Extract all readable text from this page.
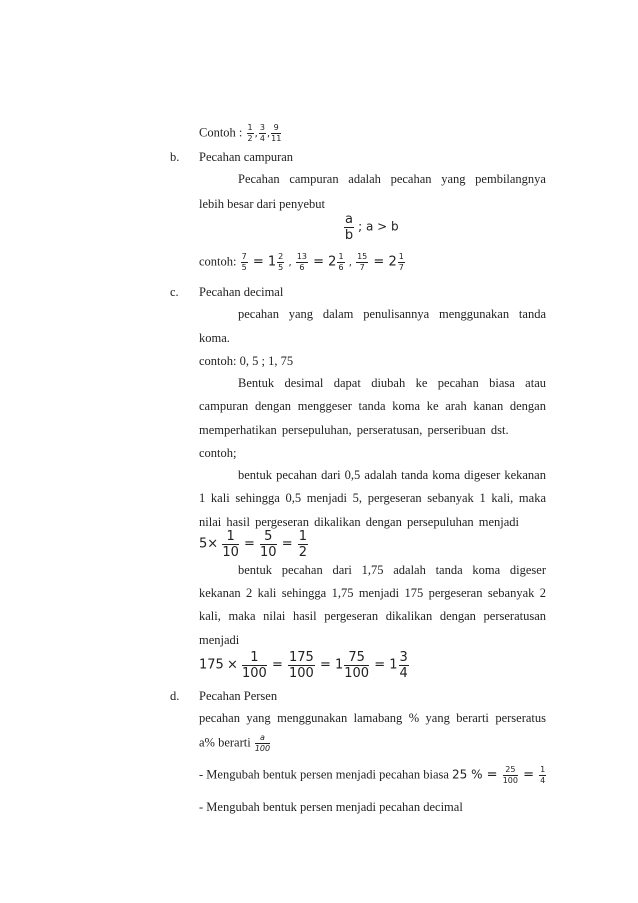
Contoh : $\frac{1}{2}$ , $\frac{3}{4}$ , $\frac{9}{11}$
b. Pecahan campuran
Pecahan campuran adalah pecahan yang pembilangnya
lebih besar dari penyebut
$\frac{a}{b}$ ; a > b
contoh: $\frac{7}{5} = 1 \frac{2}{5}$ , $\frac{13}{6} = 2 \frac{1}{6}$ , $\frac{15}{7} = 2 \frac{1}{7}$
c. Pecahan decimal
pecahan yang dalam penulisannya menggunakan tanda
koma.
contoh: 0, 5 ; 1, 75
Bentuk desimal dapat diubah ke pecahan biasa atau
campuran dengan menggeser tanda koma ke arah kanan dengan
memperhatikan persepuluhan, perseratusan, perseribuan dst.
contoh;
bentuk pecahan dari 0,5 adalah tanda koma digeser kekanan
1 kali sehingga 0,5 menjadi 5, pergeseran sebanyak 1 kali, maka
nilai hasil pergeseran dikalikan dengan persepuluhan menjadi
$5\times \frac{1}{10} = \frac{5}{10} = \frac{1}{2}$
bentuk pecahan dari 1,75 adalah tanda koma digeser
kekanan 2 kali sehingga 1,75 menjadi 175 pergeseran sebanyak 2
kali, maka nilai hasil pergeseran dikalikan dengan perseratusan
menjadi
$175 \times \frac{1}{100} = \frac{175}{100} = 1 \frac{75}{100} = 1 \frac{3}{4}$
d. Pecahan Persen
pecahan yang menggunakan lamabang % yang berarti perseratus
a% berarti $\frac{a}{100}$
- Mengubah bentuk persen menjadi pecahan biasa 25 % = $\frac{25}{100} = \frac{1}{4}$
- Mengubah bentuk persen menjadi pecahan decimal
